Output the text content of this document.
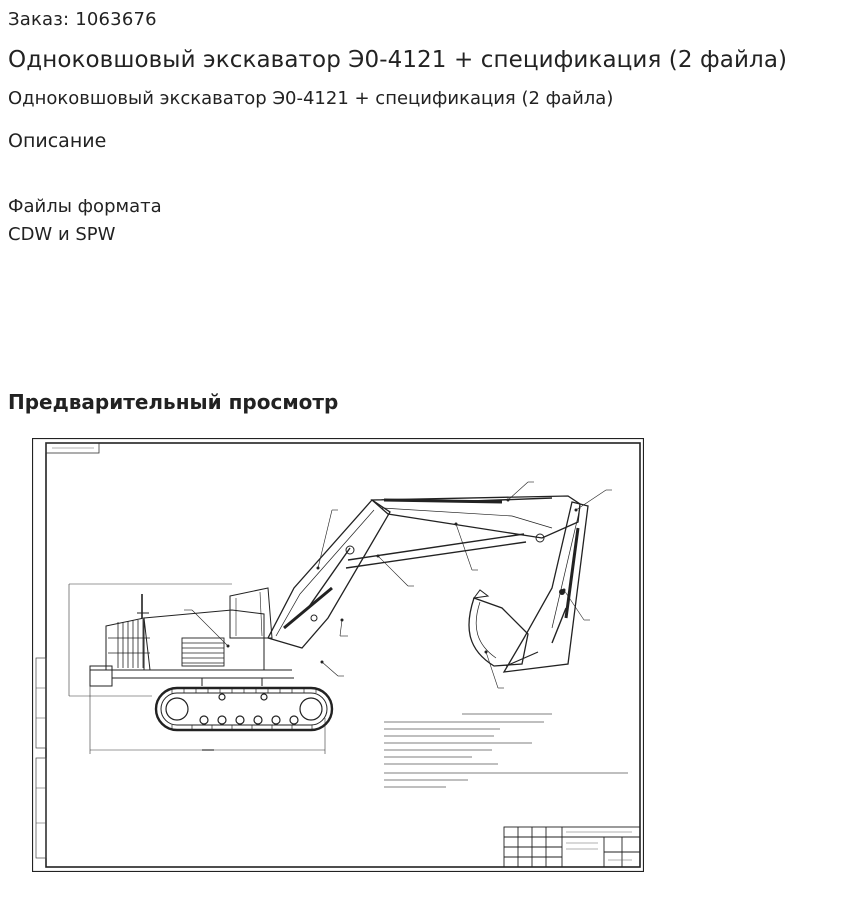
Заказ: 1063676
Одноковшовый экскаватор Э0-4121 + спецификация (2 файла)
Одноковшовый экскаватор Э0-4121 + спецификация (2 файла)
Описание
Файлы формата
CDW и SPW
Предварительный просмотр
